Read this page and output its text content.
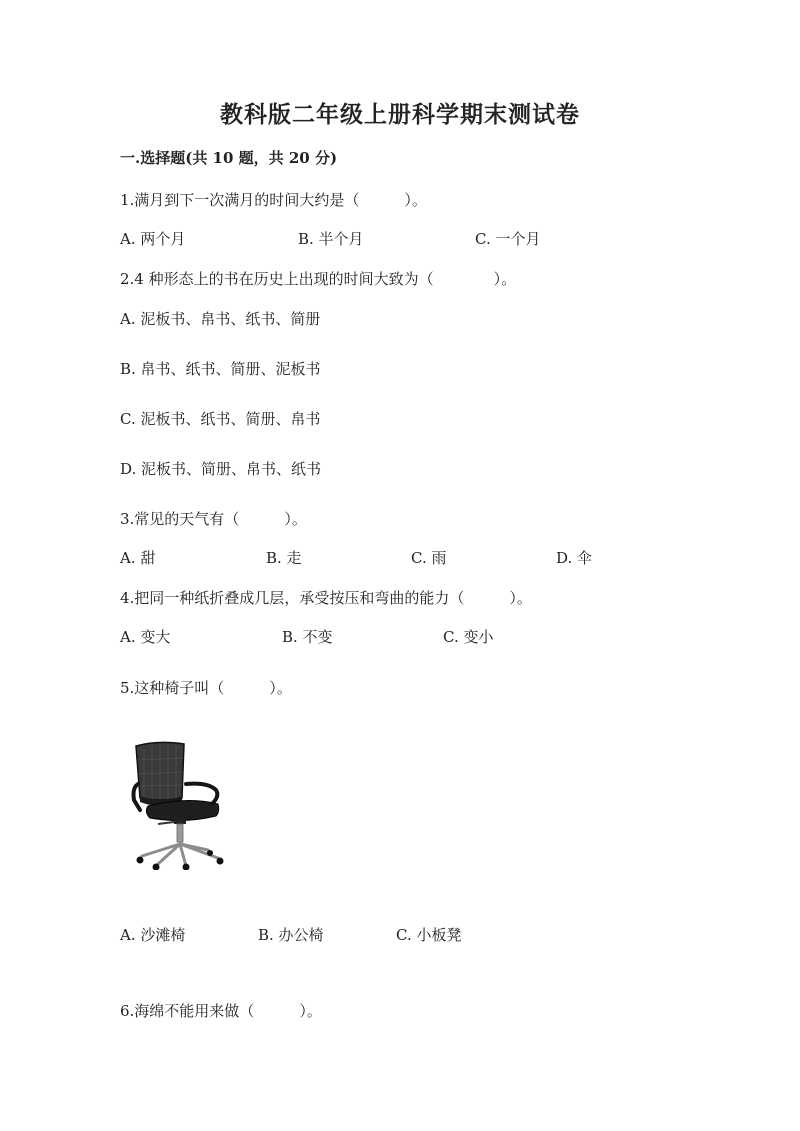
教科版二年级上册科学期末测试卷
一.选择题(共 10 题，共 20 分)
1.满月到下一次满月的时间大约是（　　　）。
A. 两个月	B. 半个月	C. 一个月
2.4 种形态上的书在历史上出现的时间大致为（　　　　）。
A. 泥板书、帛书、纸书、简册
B. 帛书、纸书、简册、泥板书
C. 泥板书、纸书、简册、帛书
D. 泥板书、简册、帛书、纸书
3.常见的天气有（　　　）。
A. 甜	B. 走	C. 雨	D. 伞
4.把同一种纸折叠成几层，承受按压和弯曲的能力（　　　）。
A. 变大	B. 不变	C. 变小
5.这种椅子叫（　　　）。
A. 沙滩椅	B. 办公椅	C. 小板凳
6.海绵不能用来做（　　　）。
